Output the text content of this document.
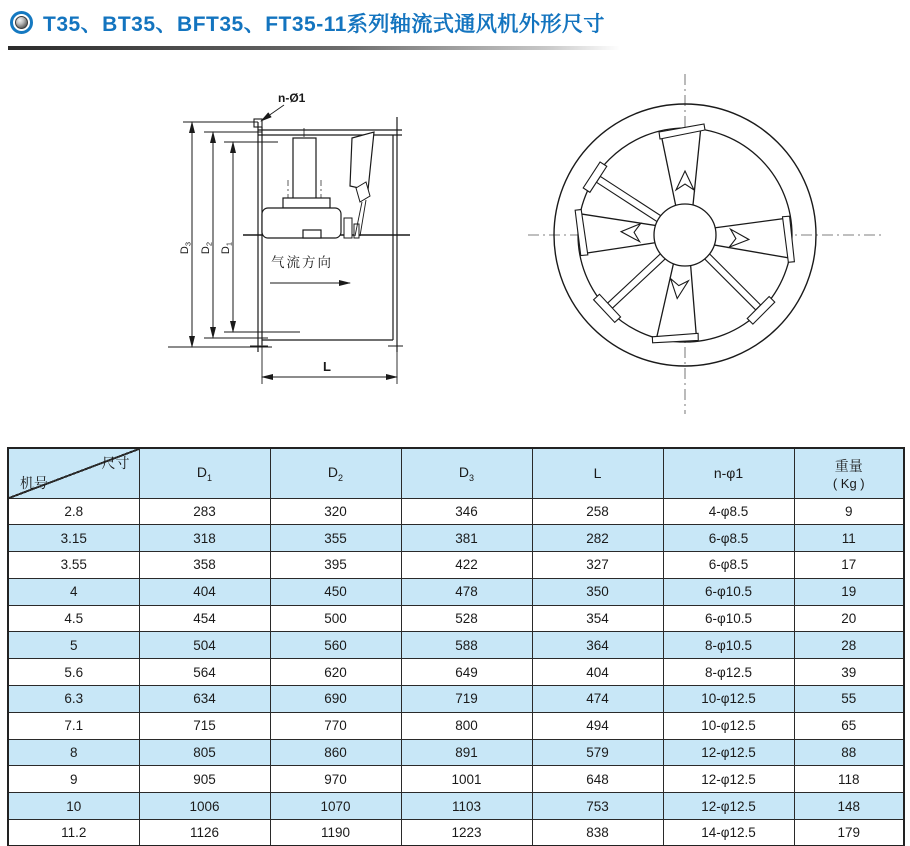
T35、BT35、BFT35、FT35-11系列轴流式通风机外形尺寸
n-Ø1
气流方向
L
$D_3$
$D_2$
$D_1$
尺寸
机号
	$D_1$	$D_2$	$D_3$	L	n-φ1	重量
( Kg )

2.8	283	320	346	258	4-φ8.5	9
3.15	318	355	381	282	6-φ8.5	11
3.55	358	395	422	327	6-φ8.5	17
4	404	450	478	350	6-φ10.5	19
4.5	454	500	528	354	6-φ10.5	20
5	504	560	588	364	8-φ10.5	28
5.6	564	620	649	404	8-φ12.5	39
6.3	634	690	719	474	10-φ12.5	55
7.1	715	770	800	494	10-φ12.5	65
8	805	860	891	579	12-φ12.5	88
9	905	970	1001	648	12-φ12.5	118
10	1006	1070	1103	753	12-φ12.5	148
11.2	1126	1190	1223	838	14-φ12.5	179
